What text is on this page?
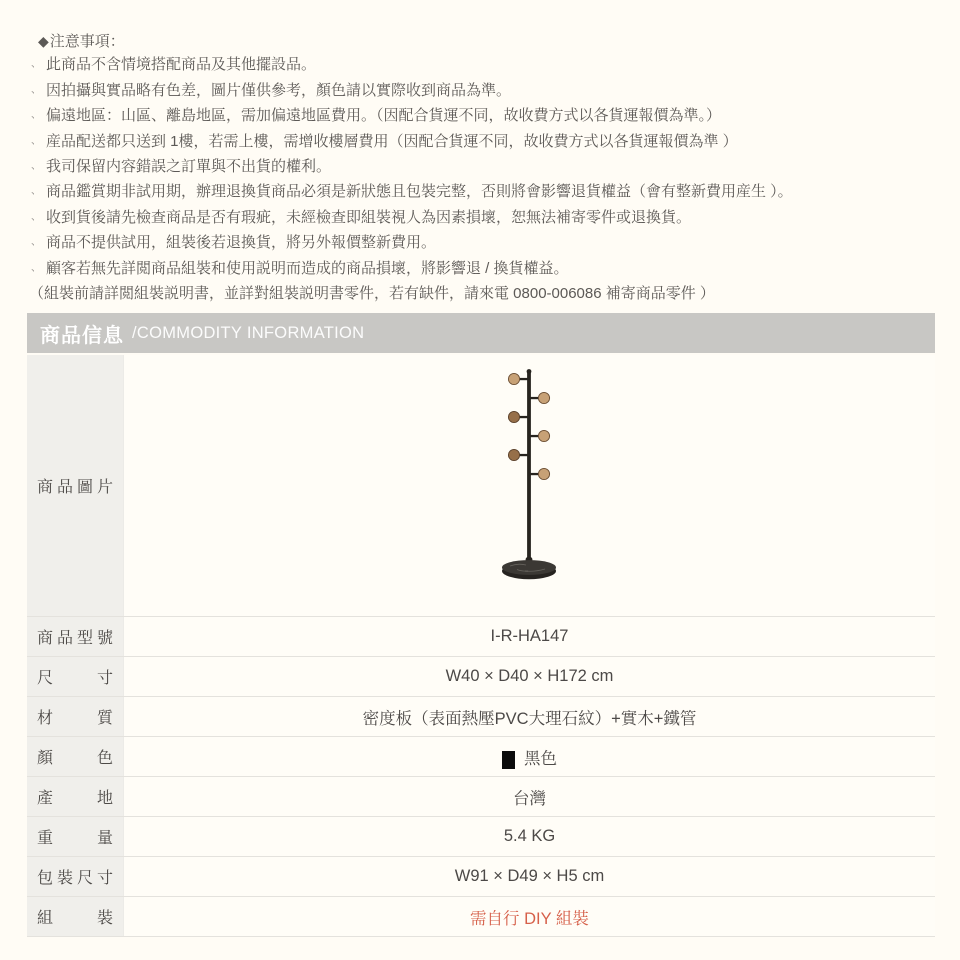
◆注意事項：
、 此商品不含情境搭配商品及其他擺設品。
、 因拍攝與實品略有色差，圖片僅供參考，顏色請以實際收到商品為準。
、 偏遠地區：山區、離島地區，需加偏遠地區費用。（因配合貨運不同，故收費方式以各貨運報價為準。）
、 産品配送都只送到 1樓，若需上樓，需增收樓層費用（因配合貨運不同，故收費方式以各貨運報價為準 ）
、 我司保留内容錯誤之訂單與不出貨的權利。
、 商品鑑賞期非試用期，辦理退換貨商品必須是新狀態且包裝完整，否則將會影響退貨權益（會有整新費用産生 ）。
、 收到貨後請先檢查商品是否有瑕疵，未經檢查即組裝視人為因素損壞，恕無法補寄零件或退換貨。
、 商品不提供試用，組裝後若退換貨，將另外報價整新費用。
、 顧客若無先詳閲商品組裝和使用説明而造成的商品損壞，將影響退 / 換貨權益。
（組裝前請詳閲組裝説明書，並詳對組裝説明書零件，若有缺件，請來電 0800-006086 補寄商品零件 ）
商品信息 /COMMODITY INFORMATION
商品圖片
商品型號	I-R-HA147
尺寸	W40 × D40 × H172 cm
材質	密度板（表面熱壓PVC大理石紋）+實木+鐵管
顏色	黑色
產地	台灣
重量	5.4 KG
包裝尺寸	W91 × D49 × H5 cm
組裝	需自行 DIY 組裝
